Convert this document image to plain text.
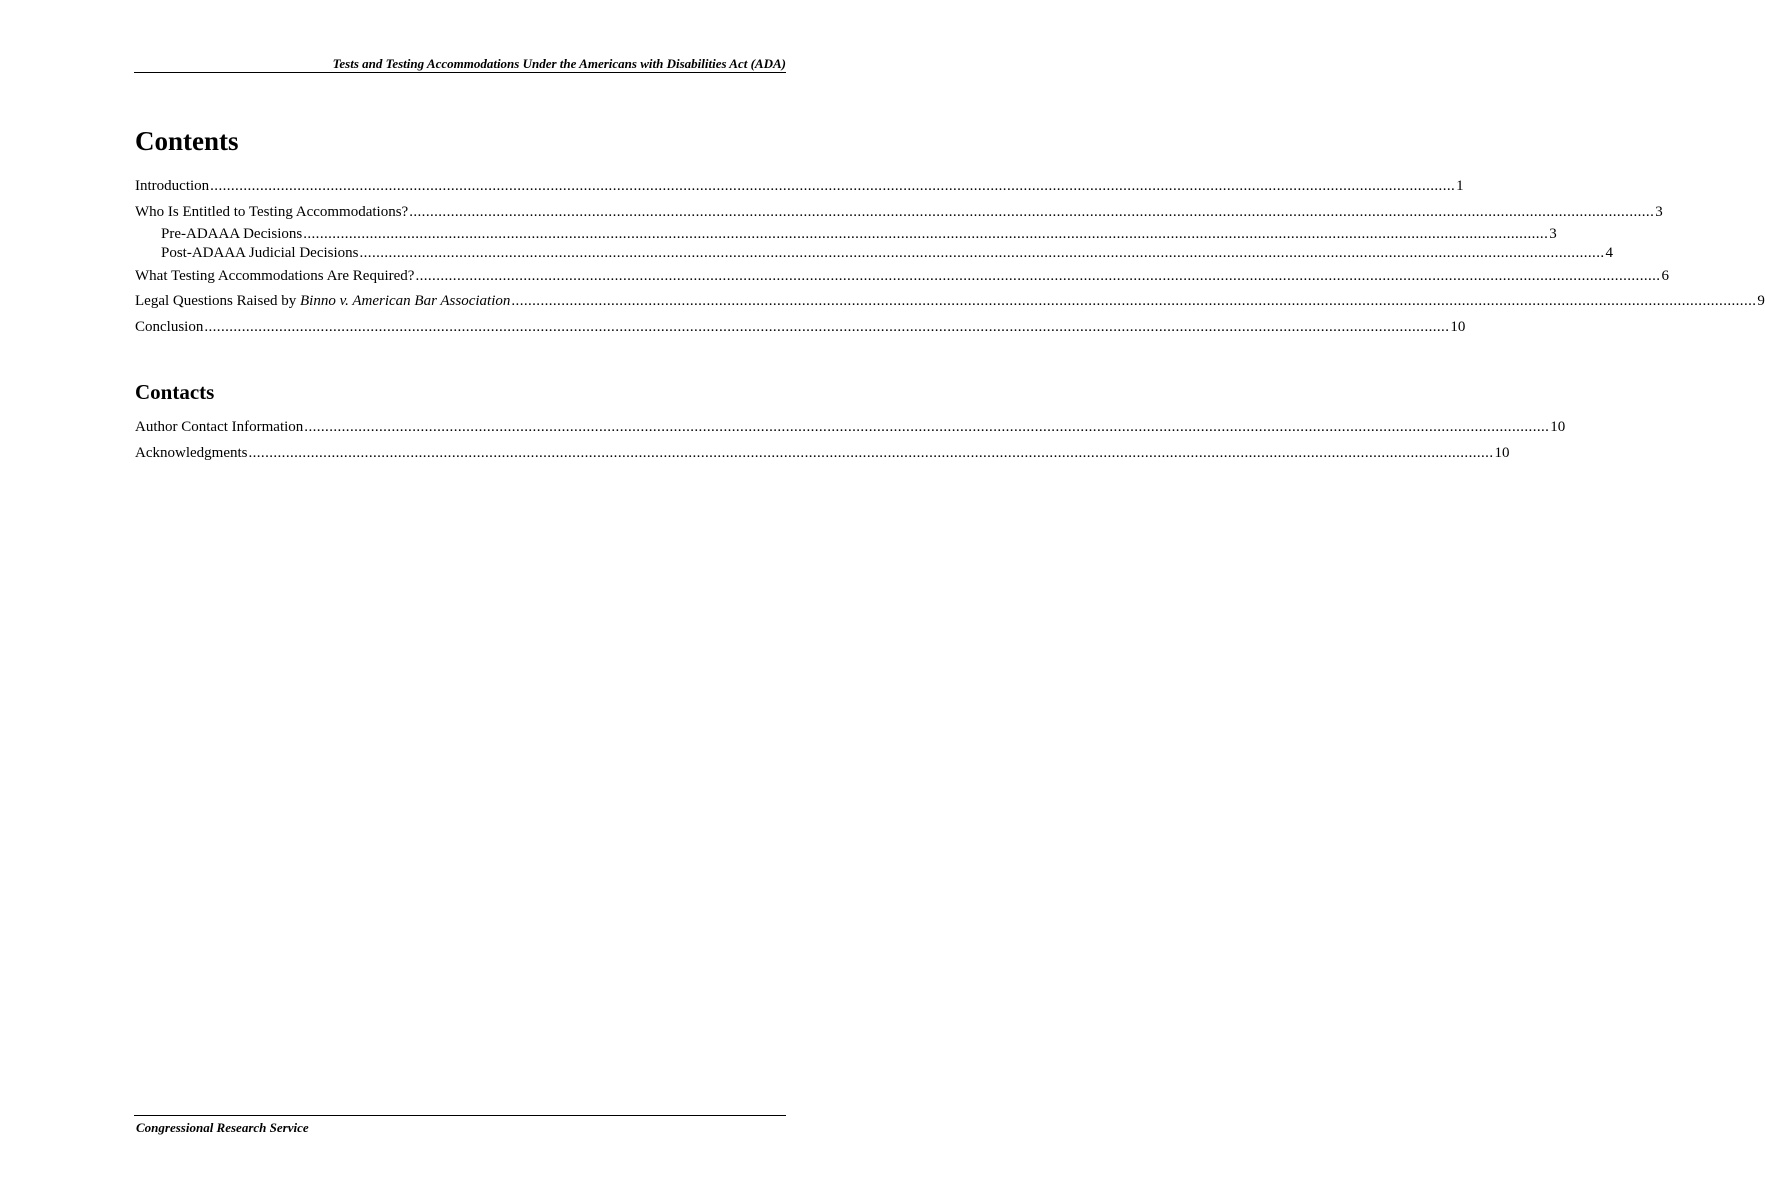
Tests and Testing Accommodations Under the Americans with Disabilities Act (ADA)
Contents
Introduction ............................................................................................................................................................................................................................................................................................................ 1
Who Is Entitled to Testing Accommodations? ............................................................................................................................................................................................................................................................................................................ 3
Pre-ADAAA Decisions ............................................................................................................................................................................................................................................................................................................ 3
Post-ADAAA Judicial Decisions ............................................................................................................................................................................................................................................................................................................ 4
What Testing Accommodations Are Required? ............................................................................................................................................................................................................................................................................................................ 6
Legal Questions Raised by Binno v. American Bar Association ............................................................................................................................................................................................................................................................................................................ 9
Conclusion ............................................................................................................................................................................................................................................................................................................ 10
Contacts
Author Contact Information ............................................................................................................................................................................................................................................................................................................ 10
Acknowledgments ............................................................................................................................................................................................................................................................................................................ 10
Congressional Research Service
